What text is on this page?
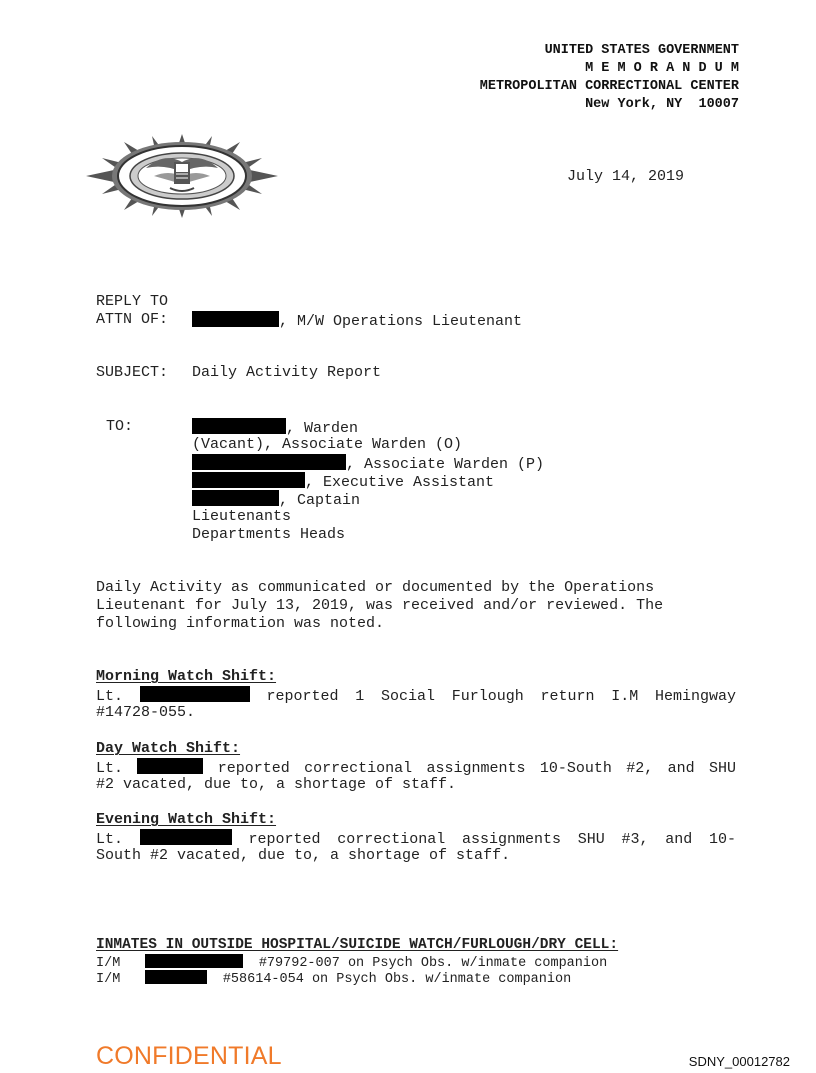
UNITED STATES GOVERNMENT
M E M O R A N D U M
METROPOLITAN CORRECTIONAL CENTER
New York, NY  10007
July 14, 2019
REPLY TO
ATTN OF:	, M/W Operations Lieutenant
SUBJECT: Daily Activity Report
TO:	, Warden
(Vacant), Associate Warden (O)
, Associate Warden (P)
, Executive Assistant
, Captain
Lieutenants
Departments Heads
Daily Activity as communicated or documented by the Operations
Lieutenant for July 13, 2019, was received and/or reviewed. The
following information was noted.
Morning Watch Shift:
Lt.	reported 1 Social Furlough return I.M Hemingway
#14728-055.
Day Watch Shift:
Lt.	reported correctional assignments 10-South #2, and SHU
#2 vacated, due to, a shortage of staff.
Evening Watch Shift:
Lt.	reported correctional assignments SHU #3, and 10-
South #2 vacated, due to, a shortage of staff.
INMATES IN OUTSIDE HOSPITAL/SUICIDE WATCH/FURLOUGH/DRY CELL:
I/M	#79792-007 on Psych Obs. w/inmate companion
I/M	#58614-054 on Psych Obs. w/inmate companion
CONFIDENTIAL	SDNY_00012782
